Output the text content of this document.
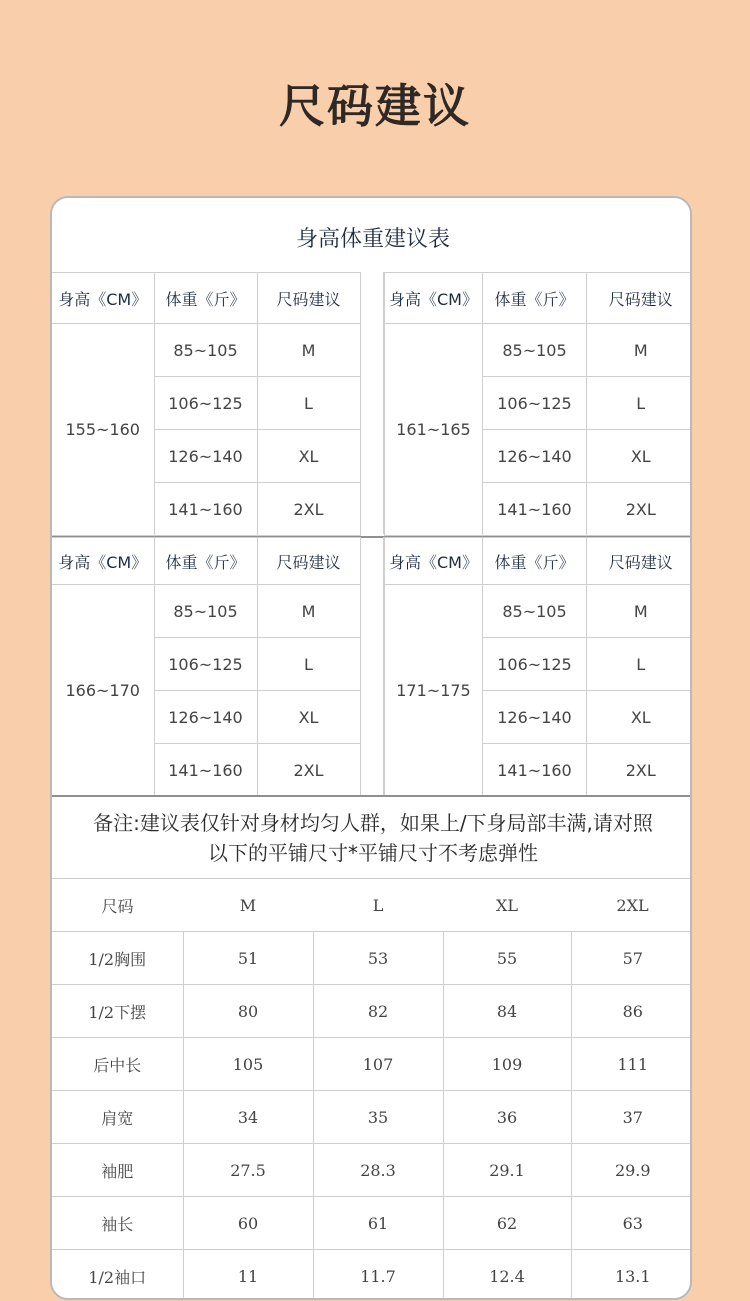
尺码建议
身高体重建议表
身高《CM》	体重《斤》	尺码建议
155~160	85~105	M
	106~125	L
	126~140	XL
	141~160	2XL
身高《CM》	体重《斤》	尺码建议
161~165	85~105	M
	106~125	L
	126~140	XL
	141~160	2XL
身高《CM》	体重《斤》	尺码建议
166~170	85~105	M
	106~125	L
	126~140	XL
	141~160	2XL
身高《CM》	体重《斤》	尺码建议
171~175	85~105	M
	106~125	L
	126~140	XL
	141~160	2XL
备注:建议表仅针对身材均匀人群，如果上/下身局部丰满,请对照
以下的平铺尺寸*平铺尺寸不考虑弹性
尺码	M	L	XL	2XL
1/2胸围	51	53	55	57
1/2下摆	80	82	84	86
后中长	105	107	109	111
肩宽	34	35	36	37
袖肥	27.5	28.3	29.1	29.9
袖长	60	61	62	63
1/2袖口	11	11.7	12.4	13.1
